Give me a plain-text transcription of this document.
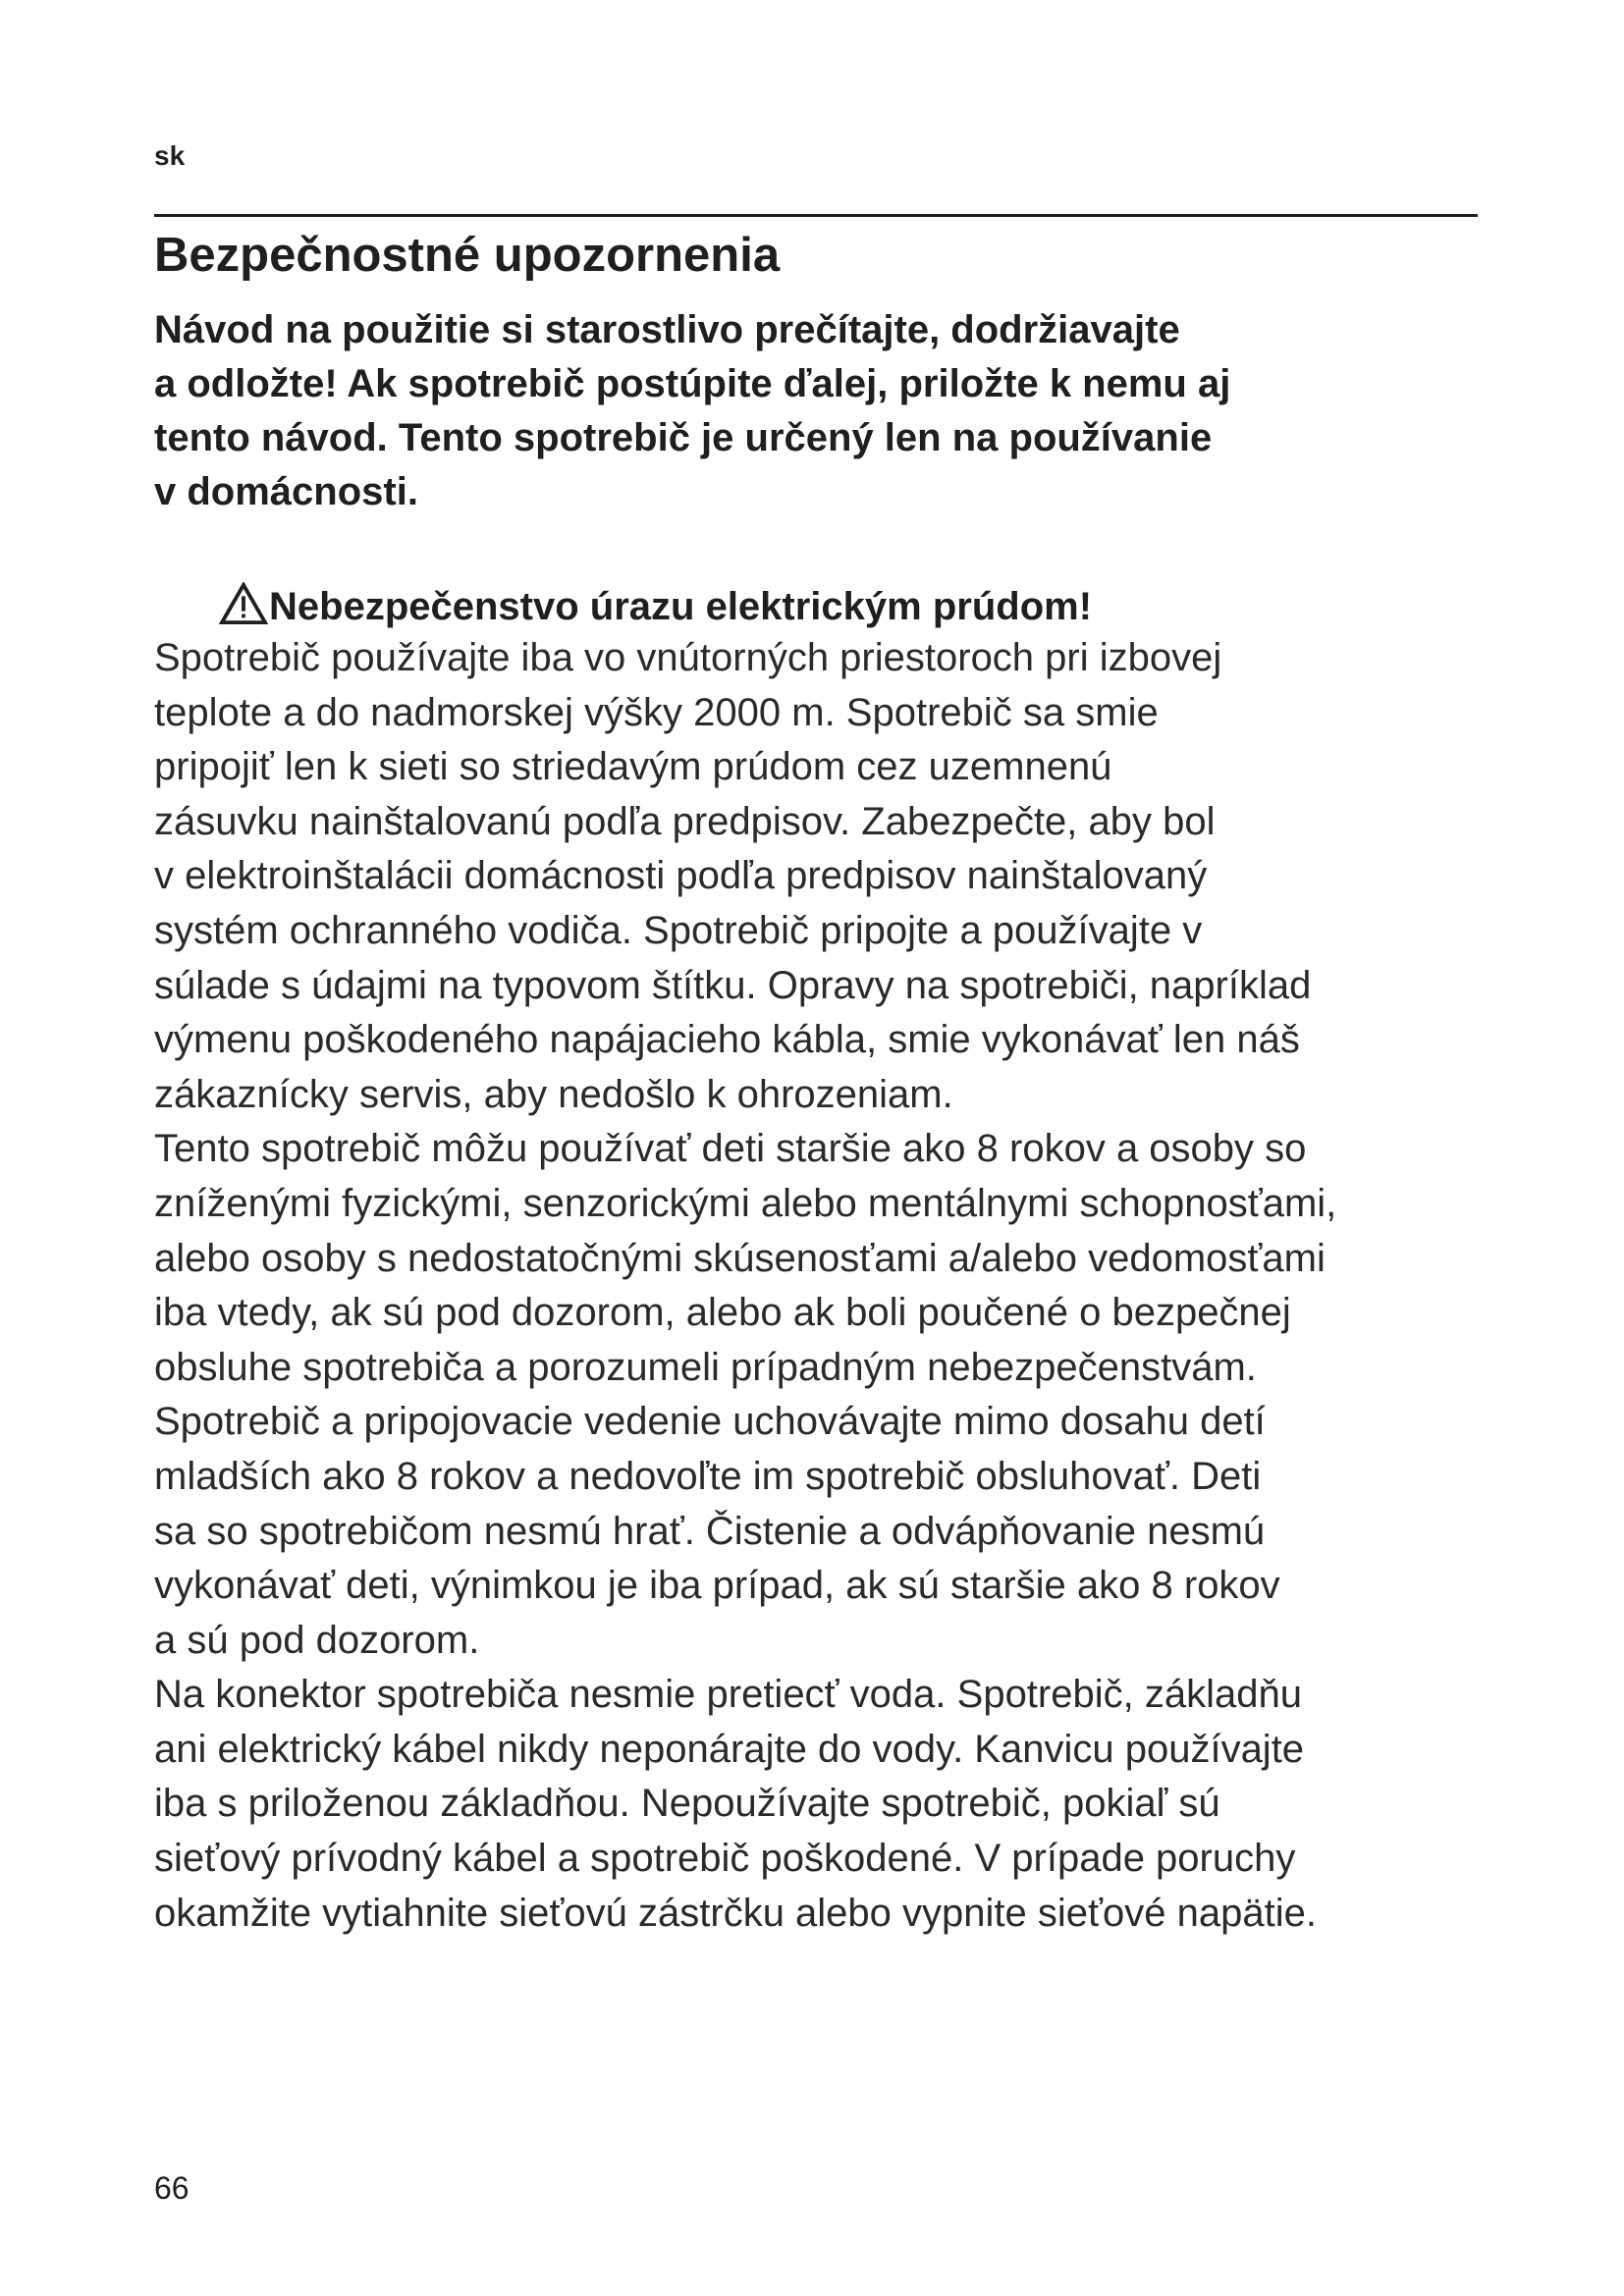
sk
Bezpečnostné upozornenia

Návod na použitie si starostlivo prečítajte, dodržiavajte
a odložte! Ak spotrebič postúpite ďalej, priložte k nemu aj
tento návod. Tento spotrebič je určený len na používanie
v domácnosti.

Nebezpečenstvo úrazu elektrickým prúdom!
Spotrebič používajte iba vo vnútorných priestoroch pri izbovej
teplote a do nadmorskej výšky 2000 m. Spotrebič sa smie
pripojiť len k sieti so striedavým prúdom cez uzemnenú
zásuvku nainštalovanú podľa predpisov. Zabezpečte, aby bol
v elektroinštalácii domácnosti podľa predpisov nainštalovaný
systém ochranného vodiča. Spotrebič pripojte a používajte v
súlade s údajmi na typovom štítku. Opravy na spotrebiči, napríklad
výmenu poškodeného napájacieho kábla, smie vykonávať len náš
zákaznícky servis, aby nedošlo k ohrozeniam.
Tento spotrebič môžu používať deti staršie ako 8 rokov a osoby so
zníženými fyzickými, senzorickými alebo mentálnymi schopnosťami,
alebo osoby s nedostatočnými skúsenosťami a/alebo vedomosťami
iba vtedy, ak sú pod dozorom, alebo ak boli poučené o bezpečnej
obsluhe spotrebiča a porozumeli prípadným nebezpečenstvám.
Spotrebič a pripojovacie vedenie uchovávajte mimo dosahu detí
mladších ako 8 rokov a nedovoľte im spotrebič obsluhovať. Deti
sa so spotrebičom nesmú hrať. Čistenie a odvápňovanie nesmú
vykonávať deti, výnimkou je iba prípad, ak sú staršie ako 8 rokov
a sú pod dozorom.
Na konektor spotrebiča nesmie pretiecť voda. Spotrebič, základňu
ani elektrický kábel nikdy neponárajte do vody. Kanvicu používajte
iba s priloženou základňou. Nepoužívajte spotrebič, pokiaľ sú
sieťový prívodný kábel a spotrebič poškodené. V prípade poruchy
okamžite vytiahnite sieťovú zástrčku alebo vypnite sieťové napätie.
66
